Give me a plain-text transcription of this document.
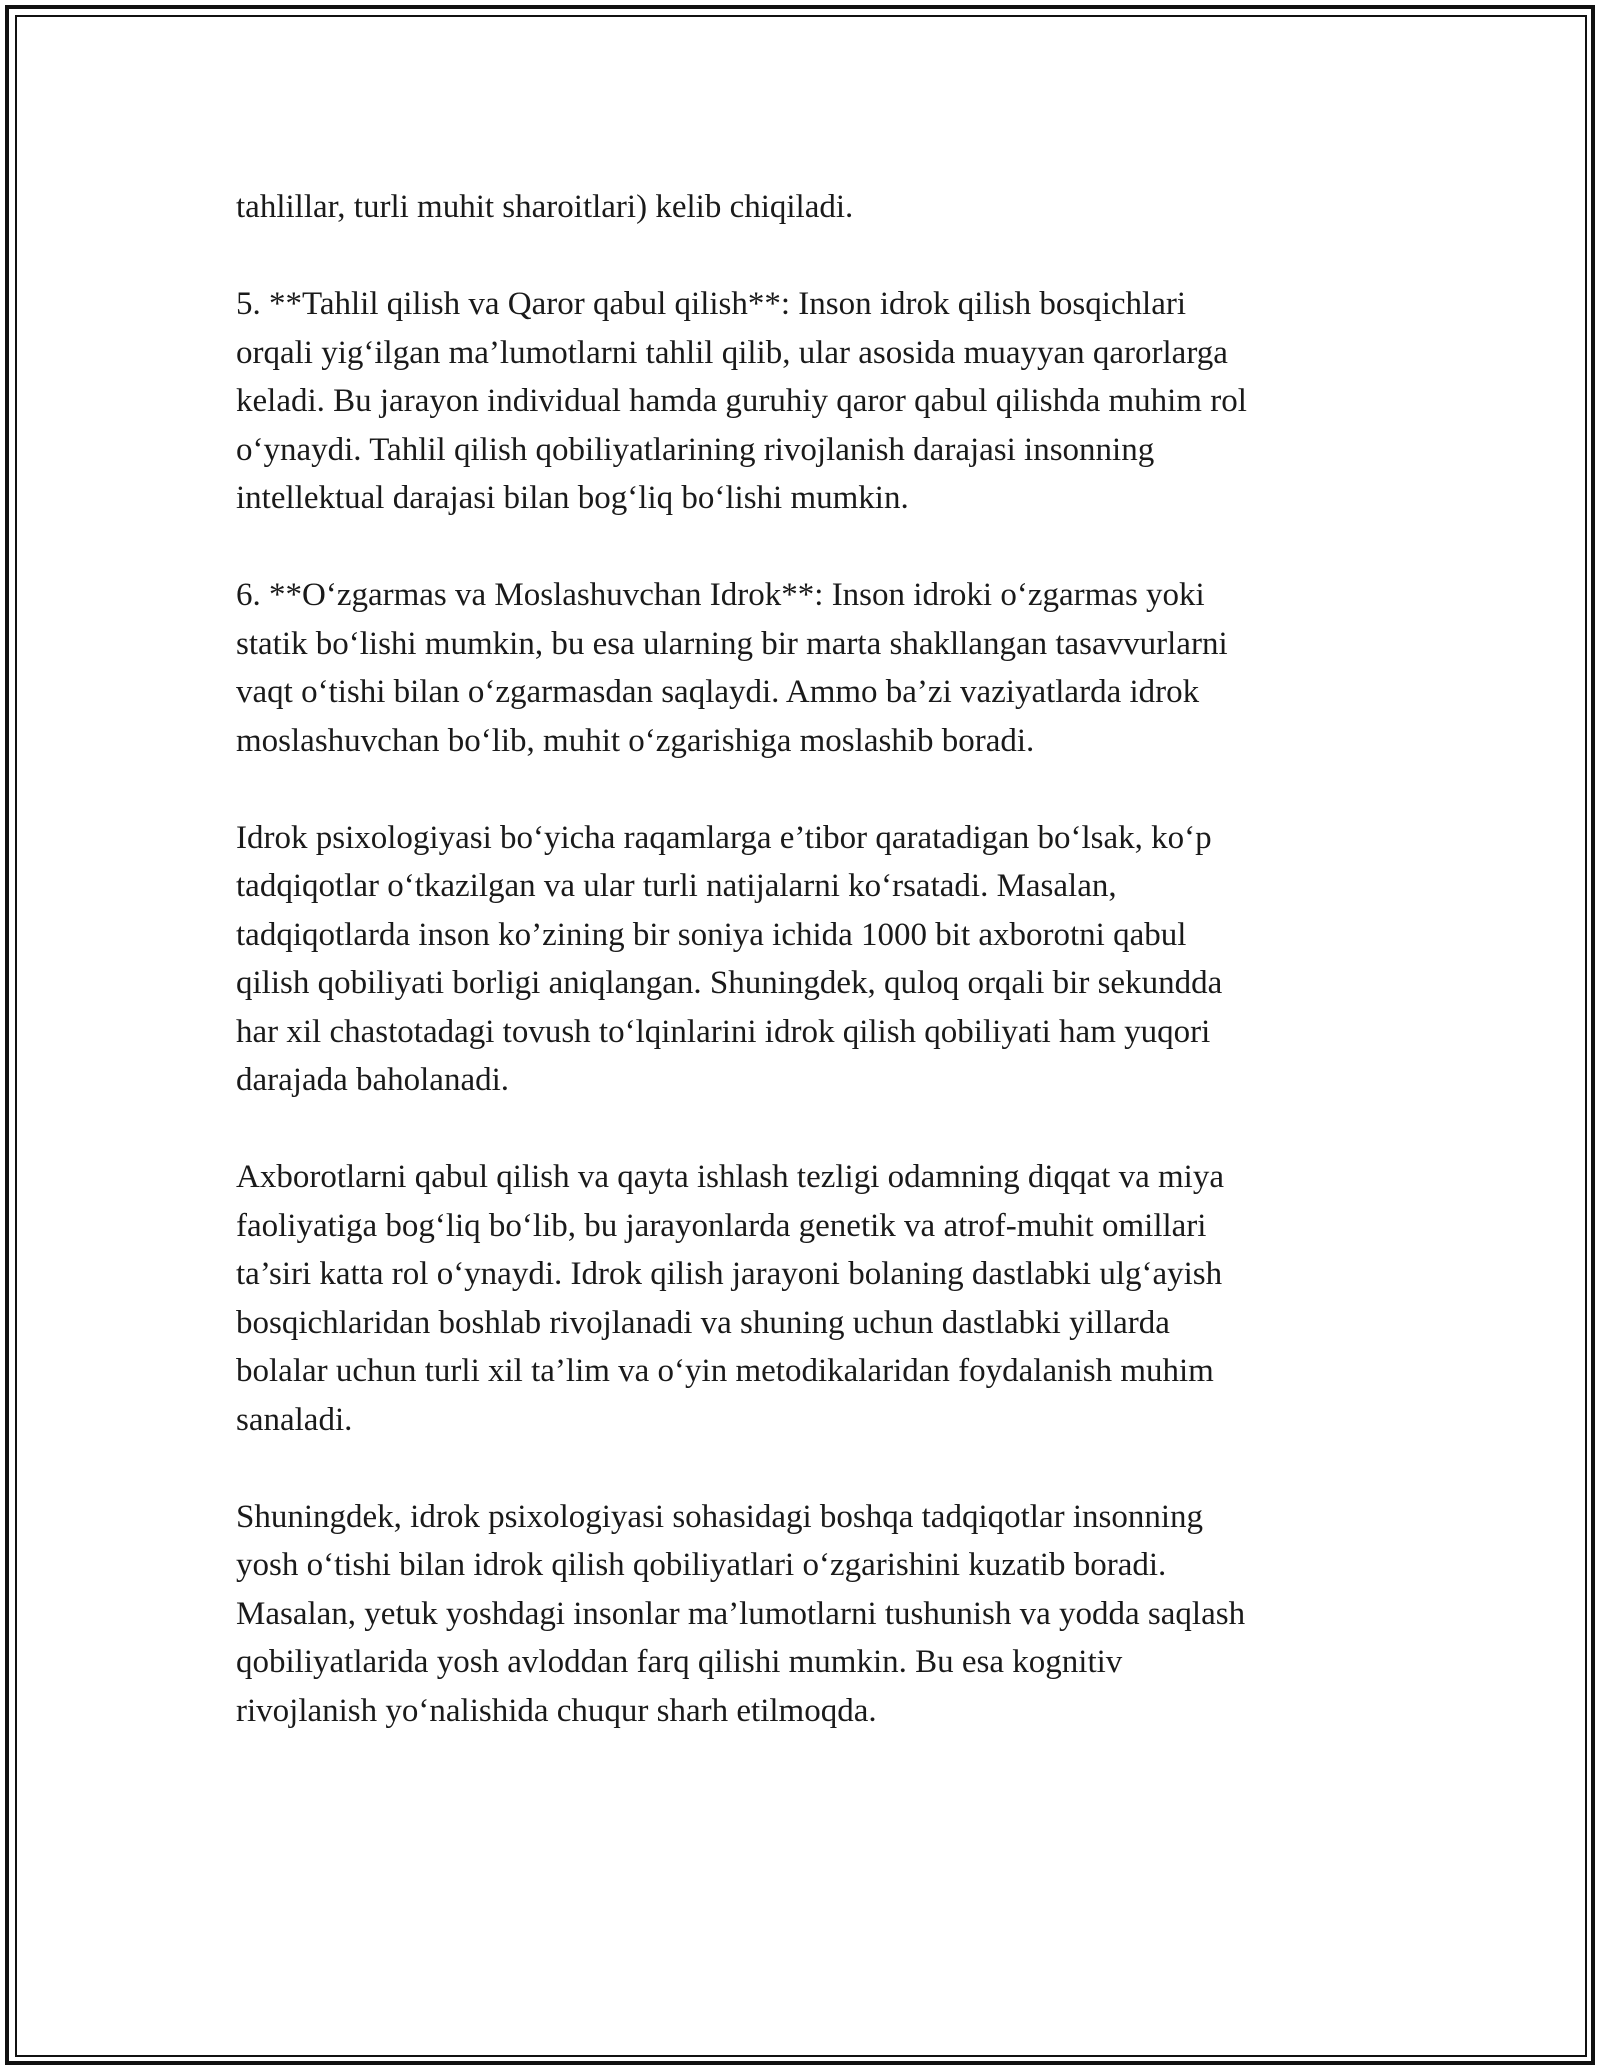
tahlillar, turli muhit sharoitlari) kelib chiqiladi.

5. **Tahlil qilish va Qaror qabul qilish**: Inson idrok qilish bosqichlari
orqali yig‘ilgan ma’lumotlarni tahlil qilib, ular asosida muayyan qarorlarga
keladi. Bu jarayon individual hamda guruhiy qaror qabul qilishda muhim rol
o‘ynaydi. Tahlil qilish qobiliyatlarining rivojlanish darajasi insonning
intellektual darajasi bilan bog‘liq bo‘lishi mumkin.

6. **O‘zgarmas va Moslashuvchan Idrok**: Inson idroki o‘zgarmas yoki
statik bo‘lishi mumkin, bu esa ularning bir marta shakllangan tasavvurlarni
vaqt o‘tishi bilan o‘zgarmasdan saqlaydi. Ammo ba’zi vaziyatlarda idrok
moslashuvchan bo‘lib, muhit o‘zgarishiga moslashib boradi.

Idrok psixologiyasi bo‘yicha raqamlarga e’tibor qaratadigan bo‘lsak, ko‘p
tadqiqotlar o‘tkazilgan va ular turli natijalarni ko‘rsatadi. Masalan,
tadqiqotlarda inson ko’zining bir soniya ichida 1000 bit axborotni qabul
qilish qobiliyati borligi aniqlangan. Shuningdek, quloq orqali bir sekundda
har xil chastotadagi tovush to‘lqinlarini idrok qilish qobiliyati ham yuqori
darajada baholanadi.

Axborotlarni qabul qilish va qayta ishlash tezligi odamning diqqat va miya
faoliyatiga bog‘liq bo‘lib, bu jarayonlarda genetik va atrof-muhit omillari
ta’siri katta rol o‘ynaydi. Idrok qilish jarayoni bolaning dastlabki ulg‘ayish
bosqichlaridan boshlab rivojlanadi va shuning uchun dastlabki yillarda
bolalar uchun turli xil ta’lim va o‘yin metodikalaridan foydalanish muhim
sanaladi.

Shuningdek, idrok psixologiyasi sohasidagi boshqa tadqiqotlar insonning
yosh o‘tishi bilan idrok qilish qobiliyatlari o‘zgarishini kuzatib boradi.
Masalan, yetuk yoshdagi insonlar ma’lumotlarni tushunish va yodda saqlash
qobiliyatlarida yosh avloddan farq qilishi mumkin. Bu esa kognitiv
rivojlanish yo‘nalishida chuqur sharh etilmoqda.
